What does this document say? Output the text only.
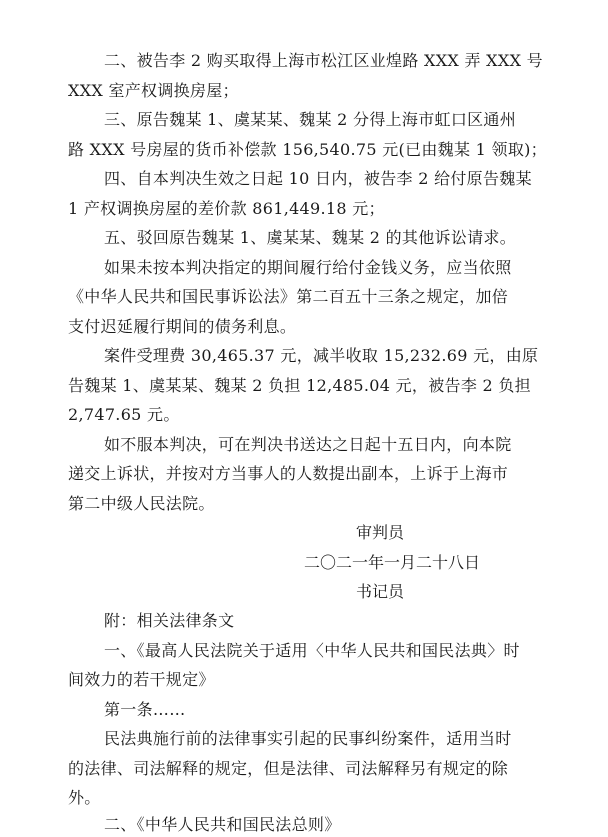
二、被告李 2 购买取得上海市松江区业煌路 XXX 弄 XXX 号
XXX 室产权调换房屋；
三、原告魏某 1、虞某某、魏某 2 分得上海市虹口区通州
路 XXX 号房屋的货币补偿款 156,540.75 元(已由魏某 1 领取)；
四、自本判决生效之日起 10 日内，被告李 2 给付原告魏某
1 产权调换房屋的差价款 861,449.18 元；
五、驳回原告魏某 1、虞某某、魏某 2 的其他诉讼请求。
如果未按本判决指定的期间履行给付金钱义务，应当依照
《中华人民共和国民事诉讼法》第二百五十三条之规定，加倍
支付迟延履行期间的债务利息。
案件受理费 30,465.37 元，减半收取 15,232.69 元，由原
告魏某 1、虞某某、魏某 2 负担 12,485.04 元，被告李 2 负担
2,747.65 元。
如不服本判决，可在判决书送达之日起十五日内，向本院
递交上诉状，并按对方当事人的人数提出副本，上诉于上海市
第二中级人民法院。
审判员
二〇二一年一月二十八日
书记员
附：相关法律条文
一、《最高人民法院关于适用〈中华人民共和国民法典〉时
间效力的若干规定》
第一条……
民法典施行前的法律事实引起的民事纠纷案件，适用当时
的法律、司法解释的规定，但是法律、司法解释另有规定的除
外。
二、《中华人民共和国民法总则》
